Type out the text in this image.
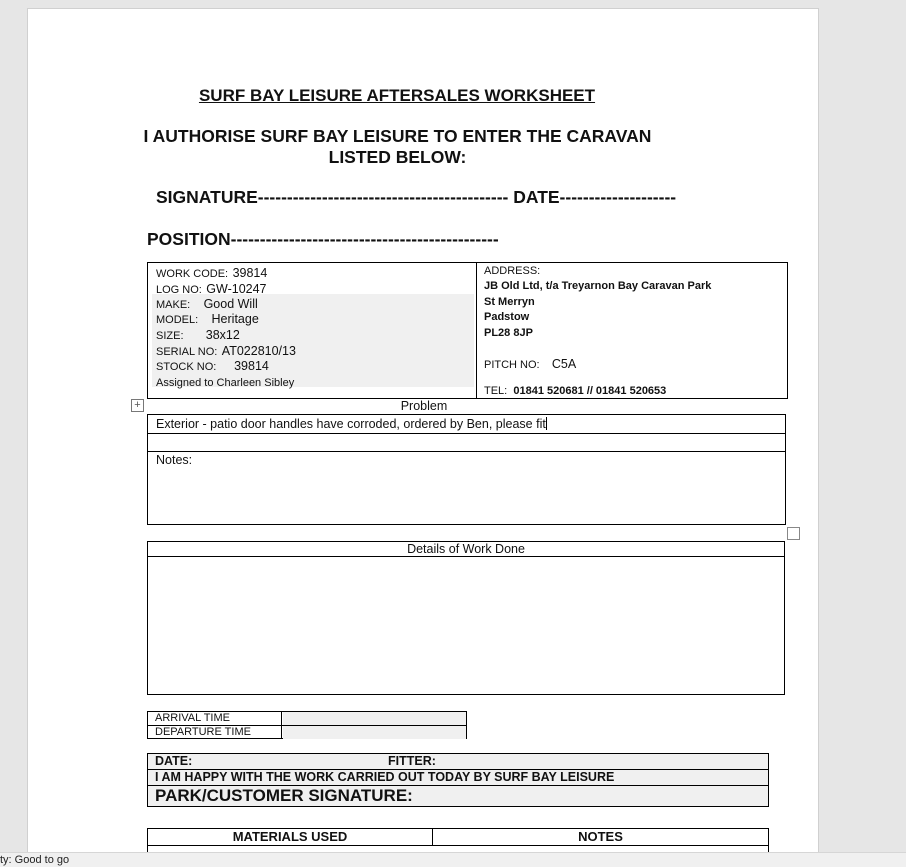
SURF BAY LEISURE AFTERSALES WORKSHEET
I AUTHORISE SURF BAY LEISURE TO ENTER THE CARAVAN
LISTED BELOW:
SIGNATURE------------------------------------------- DATE--------------------
POSITION----------------------------------------------
WORK CODE: 39814
LOG NO: GW-10247
MAKE: Good Will
MODEL: Heritage
SIZE: 38x12
SERIAL NO: AT022810/13
STOCK NO: 39814
Assigned to Charleen Sibley
ADDRESS:
JB Old Ltd, t/a Treyarnon Bay Caravan Park
St Merryn
Padstow
PL28 8JP
PITCH NO: C5A
TEL: 01841 520681 // 01841 520653
+	Problem
Exterior - patio door handles have corroded, ordered by Ben, please fit
Notes:
Details of Work Done
ARRIVAL TIME
DEPARTURE TIME
DATE:	FITTER:
I AM HAPPY WITH THE WORK CARRIED OUT TODAY BY SURF BAY LEISURE
PARK/CUSTOMER SIGNATURE:
MATERIALS USED	NOTES
ty: Good to go
